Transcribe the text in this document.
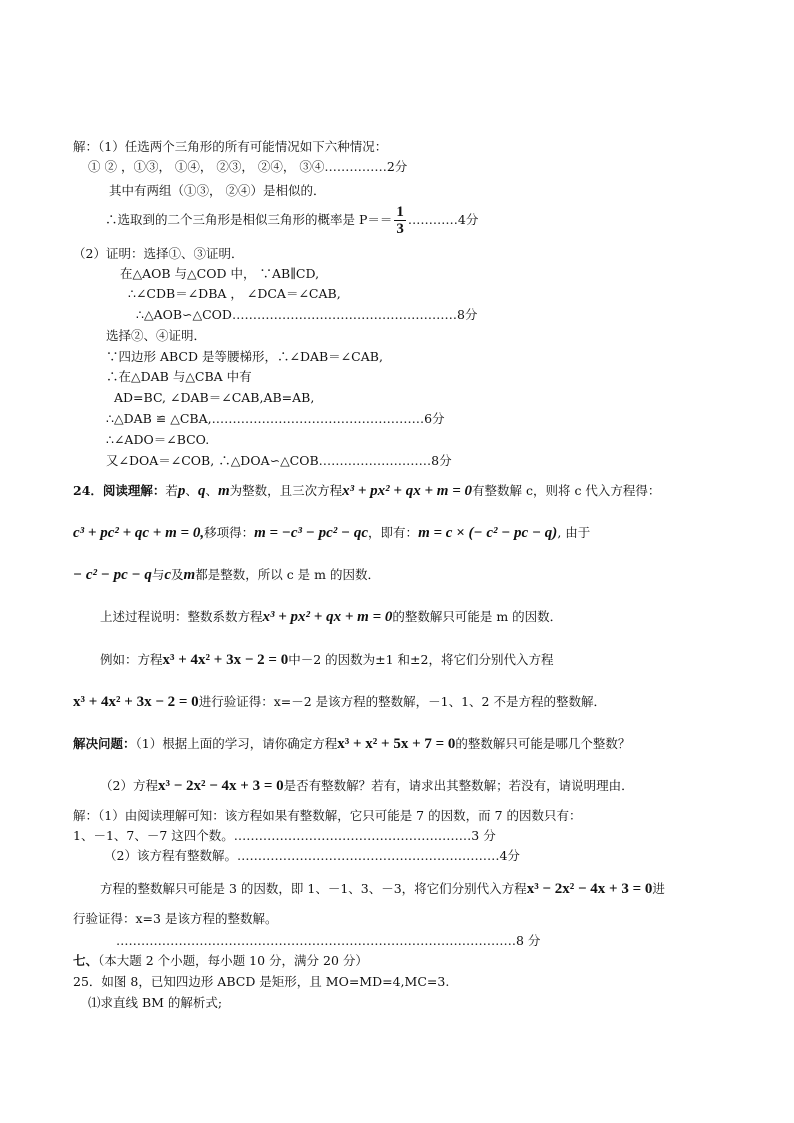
解：（1）任选两个三角形的所有可能情况如下六种情况：
① ② ，①③， ①④， ②③， ②④， ③④……………2分
其中有两组（①③， ②④）是相似的．
∴选取到的二个三角形是相似三角形的概率是 $P== \frac{1}{3}$ …………4分
（2）证明：选择①、③证明．
在△AOB 与△COD 中， ∵AB∥CD,
∴∠CDB＝∠DBA ， ∠DCA＝∠CAB,
∴△AOB∽△COD………………………………………………8分
选择②、④证明．
∵四边形 ABCD 是等腰梯形，∴∠DAB＝∠CAB,
∴在△DAB 与△CBA 中有
AD=BC, ∠DAB＝∠CAB,AB=AB,
∴△DAB ≌ △CBA,……………………………………………6分
∴∠ADO＝∠BCO.
又∠DOA＝∠COB, ∴△DOA∽△COB………………………8分
24．阅读理解：若p、q、m为整数，且三次方程x³ + px² + qx + m = 0有整数解 c，则将 c 代入方程得：
c³ + pc² + qc + m = 0,移项得：m = −c³ − pc² − qc，即有：m = c × (− c² − pc − q), 由于
− c² − pc − q与c及m都是整数，所以 c 是 m 的因数．
上述过程说明：整数系数方程x³ + px² + qx + m = 0的整数解只可能是 m 的因数．
例如：方程x³ + 4x² + 3x − 2 = 0中－2 的因数为±1 和±2，将它们分别代入方程
x³ + 4x² + 3x − 2 = 0进行验证得：x=－2 是该方程的整数解，－1、1、2 不是方程的整数解．
解决问题：（1）根据上面的学习，请你确定方程x³ + x² + 5x + 7 = 0的整数解只可能是哪几个整数？
（2）方程x³ − 2x² − 4x + 3 = 0是否有整数解？若有，请求出其整数解；若没有，请说明理由．
解：（1）由阅读理解可知：该方程如果有整数解，它只可能是 7 的因数，而 7 的因数只有：
1、－1、7、－7 这四个数。…………………………………………………3 分
（2）该方程有整数解。………………………………………………………4分
方程的整数解只可能是 3 的因数，即 1、－1、3、－3，将它们分别代入方程x³ − 2x² − 4x + 3 = 0进
行验证得：x=3 是该方程的整数解。
……………………………………………………………………………………8 分
七、（本大题 2 个小题，每小题 10 分，满分 20 分）
25．如图 8，已知四边形 ABCD 是矩形，且 MO=MD=4,MC=3.
⑴求直线 BM 的解析式;
